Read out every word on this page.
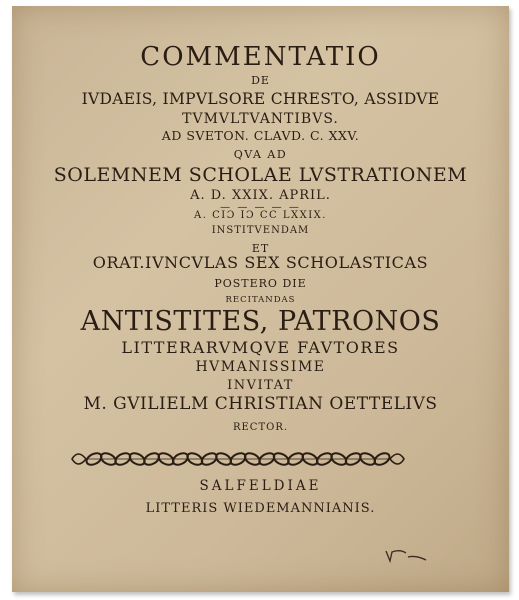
COMMENTATIO
DE
IVDAEIS, IMPVLSORE CHRESTO, ASSIDVE
TVMVLTVANTIBVS.
AD SVETON. CLAVD. C. XXV.
QVA AD
SOLEMNEM SCHOLAE LVSTRATIONEM
A. D. XXIX. APRIL.
— — — — —
A. CIƆ IƆ CC LXXIX.
INSTITVENDAM
ET
ORAT.IVNCVLAS SEX SCHOLASTICAS
POSTERO DIE
RECITANDAS
ANTISTITES, PATRONOS
LITTERARVMQVE FAVTORES
HVMANISSIME
INVITAT
M. GVILIELM CHRISTIAN OETTELIVS
RECTOR.
SALFELDIAE
LITTERIS WIEDEMANNIANIS.
